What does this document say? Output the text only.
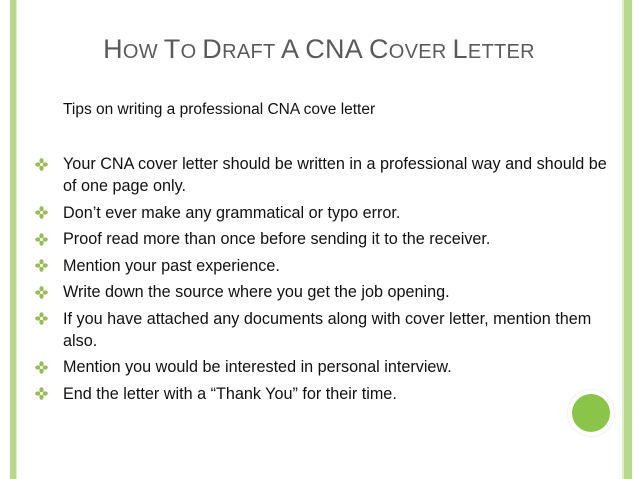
HOW TO DRAFT A CNA COVER LETTER
Tips on writing a professional CNA cove letter
Your CNA cover letter should be written in a professional way and should be of one page only.
Don’t ever make any grammatical or typo error.
Proof read more than once before sending it to the receiver.
Mention your past experience.
Write down the source where you get the job opening.
If you have attached any documents along with cover letter, mention them also.
Mention you would be interested in personal interview.
End the letter with a “Thank You” for their time.
